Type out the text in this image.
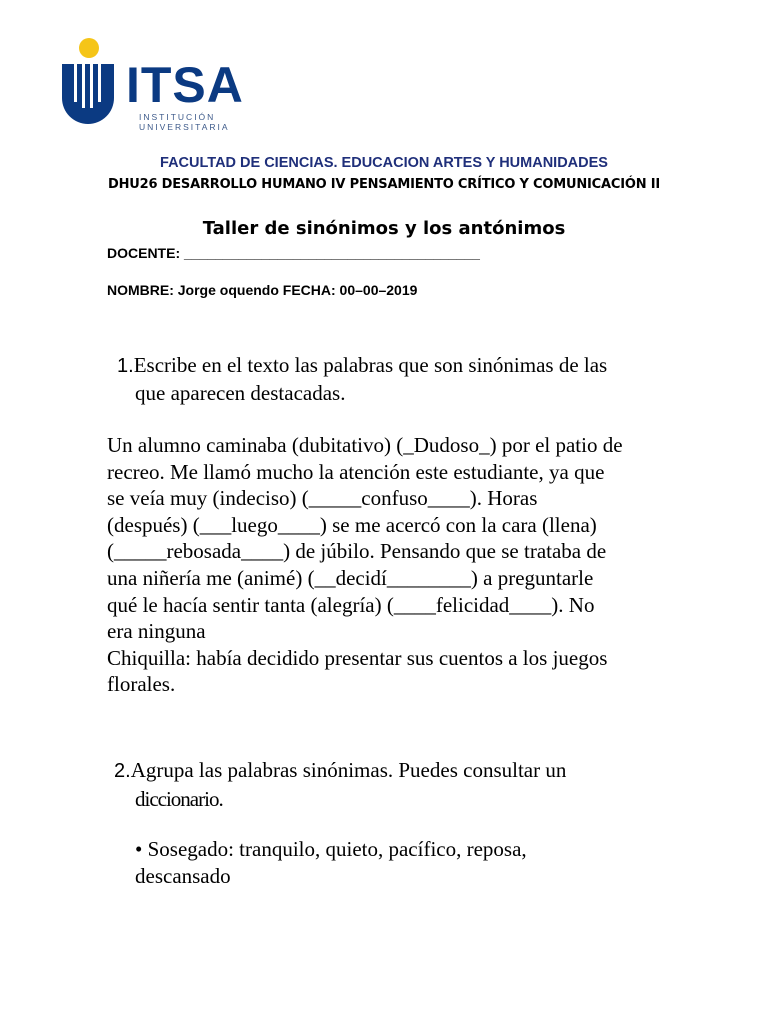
ITSA
INSTITUCIÓN
UNIVERSITARIA
FACULTAD DE CIENCIAS. EDUCACION ARTES Y HUMANIDADES
DHU26 DESARROLLO HUMANO IV PENSAMIENTO CRÍTICO Y COMUNICACIÓN II
Taller de sinónimos y los antónimos
DOCENTE: ______________________________________
NOMBRE: Jorge oquendo FECHA: 00–00–2019
1.Escribe en el texto las palabras que son sinónimas de las
que aparecen destacadas.
Un alumno caminaba (dubitativo) (_Dudoso_) por el patio de
recreo. Me llamó mucho la atención este estudiante, ya que
se veía muy (indeciso) (_____confuso____). Horas
(después) (___luego____) se me acercó con la cara (llena)
(_____rebosada____) de júbilo. Pensando que se trataba de
una niñería me (animé) (__decidí________) a preguntarle
qué le hacía sentir tanta (alegría) (____felicidad____). No
era ninguna
Chiquilla: había decidido presentar sus cuentos a los juegos
florales.
2.Agrupa las palabras sinónimas. Puedes consultar un
diccionario.
• Sosegado: tranquilo, quieto, pacífico, reposa,
descansado
